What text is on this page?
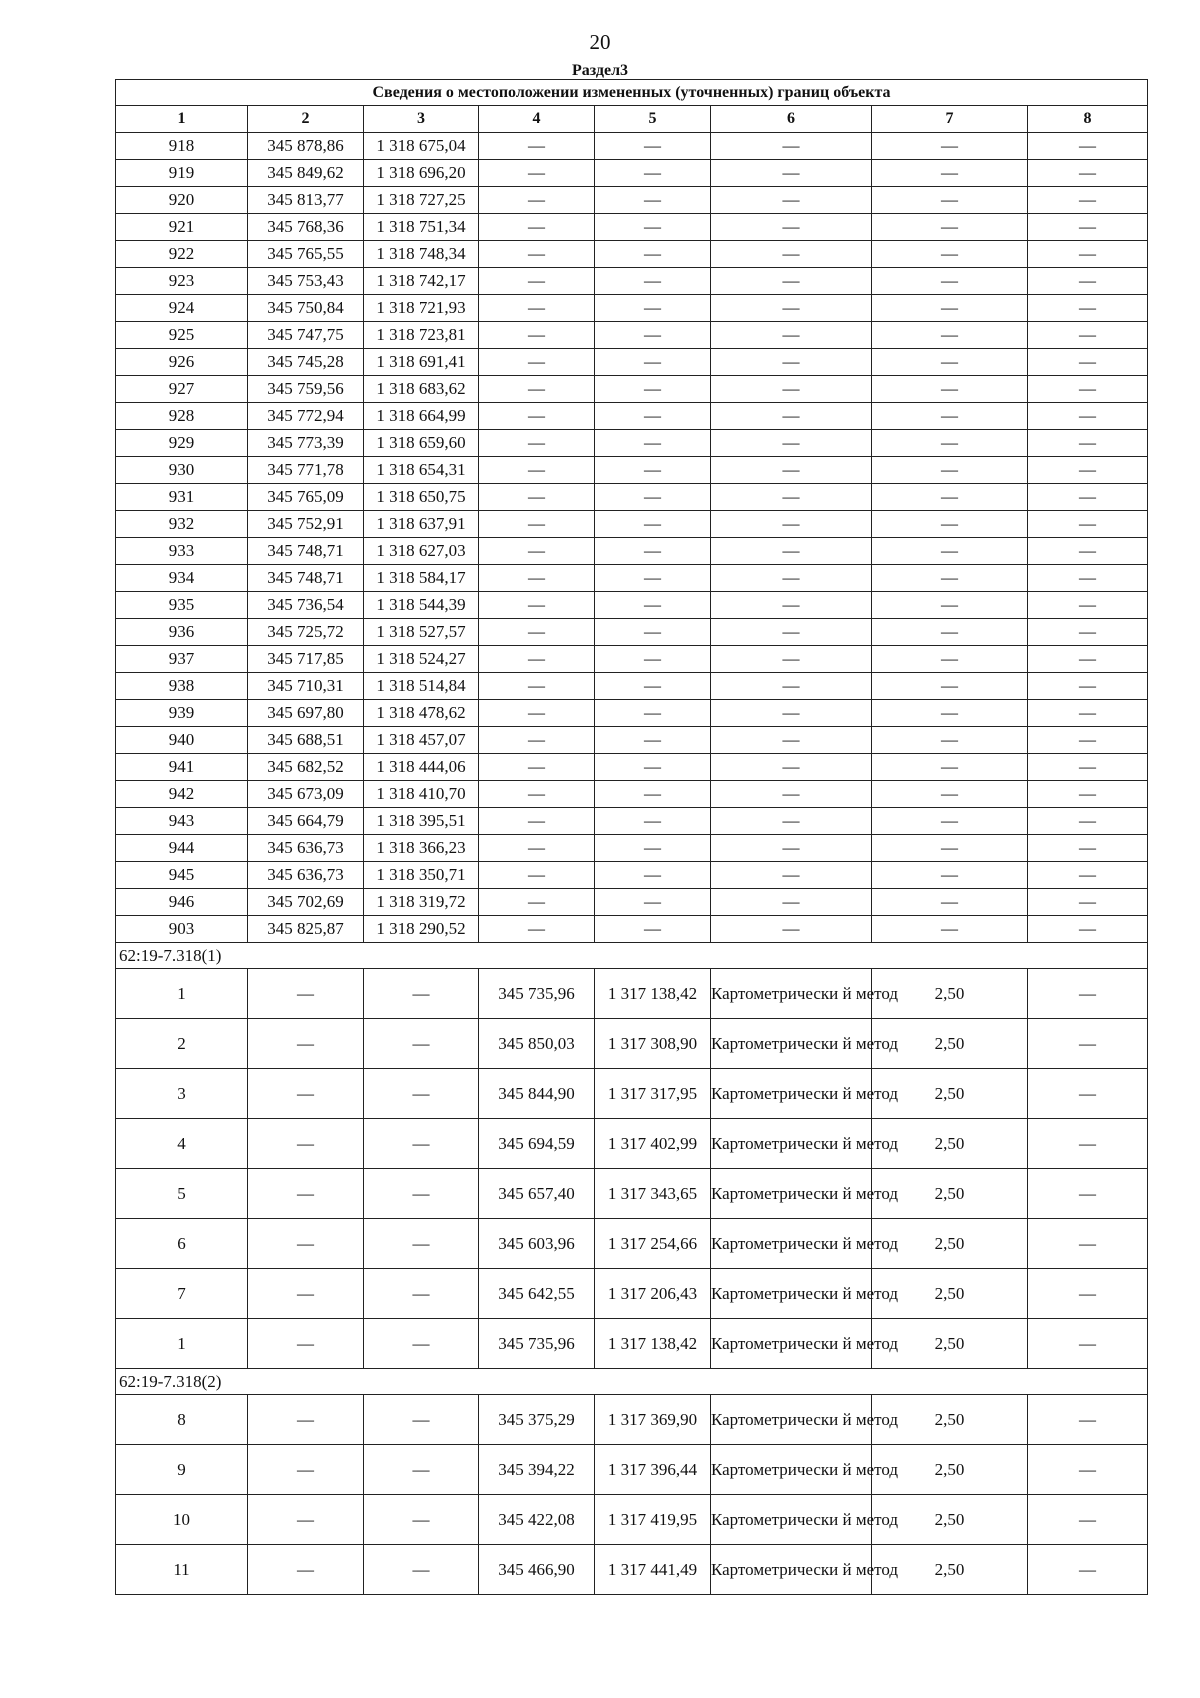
20
Раздел3
Сведения о местоположении измененных (уточненных) границ объекта							
1	2	3	4	5	6	7	8
918	345 878,86	1 318 675,04	—	—	—	—	—
919	345 849,62	1 318 696,20	—	—	—	—	—
920	345 813,77	1 318 727,25	—	—	—	—	—
921	345 768,36	1 318 751,34	—	—	—	—	—
922	345 765,55	1 318 748,34	—	—	—	—	—
923	345 753,43	1 318 742,17	—	—	—	—	—
924	345 750,84	1 318 721,93	—	—	—	—	—
925	345 747,75	1 318 723,81	—	—	—	—	—
926	345 745,28	1 318 691,41	—	—	—	—	—
927	345 759,56	1 318 683,62	—	—	—	—	—
928	345 772,94	1 318 664,99	—	—	—	—	—
929	345 773,39	1 318 659,60	—	—	—	—	—
930	345 771,78	1 318 654,31	—	—	—	—	—
931	345 765,09	1 318 650,75	—	—	—	—	—
932	345 752,91	1 318 637,91	—	—	—	—	—
933	345 748,71	1 318 627,03	—	—	—	—	—
934	345 748,71	1 318 584,17	—	—	—	—	—
935	345 736,54	1 318 544,39	—	—	—	—	—
936	345 725,72	1 318 527,57	—	—	—	—	—
937	345 717,85	1 318 524,27	—	—	—	—	—
938	345 710,31	1 318 514,84	—	—	—	—	—
939	345 697,80	1 318 478,62	—	—	—	—	—
940	345 688,51	1 318 457,07	—	—	—	—	—
941	345 682,52	1 318 444,06	—	—	—	—	—
942	345 673,09	1 318 410,70	—	—	—	—	—
943	345 664,79	1 318 395,51	—	—	—	—	—
944	345 636,73	1 318 366,23	—	—	—	—	—
945	345 636,73	1 318 350,71	—	—	—	—	—
946	345 702,69	1 318 319,72	—	—	—	—	—
903	345 825,87	1 318 290,52	—	—	—	—	—
62:19-7.318(1)							
1	—	—	345 735,96	1 317 138,42	Картометрически й метод	2,50	—
2	—	—	345 850,03	1 317 308,90	Картометрически й метод	2,50	—
3	—	—	345 844,90	1 317 317,95	Картометрически й метод	2,50	—
4	—	—	345 694,59	1 317 402,99	Картометрически й метод	2,50	—
5	—	—	345 657,40	1 317 343,65	Картометрически й метод	2,50	—
6	—	—	345 603,96	1 317 254,66	Картометрически й метод	2,50	—
7	—	—	345 642,55	1 317 206,43	Картометрически й метод	2,50	—
1	—	—	345 735,96	1 317 138,42	Картометрически й метод	2,50	—
62:19-7.318(2)							
8	—	—	345 375,29	1 317 369,90	Картометрически й метод	2,50	—
9	—	—	345 394,22	1 317 396,44	Картометрически й метод	2,50	—
10	—	—	345 422,08	1 317 419,95	Картометрически й метод	2,50	—
11	—	—	345 466,90	1 317 441,49	Картометрически й метод	2,50	—
